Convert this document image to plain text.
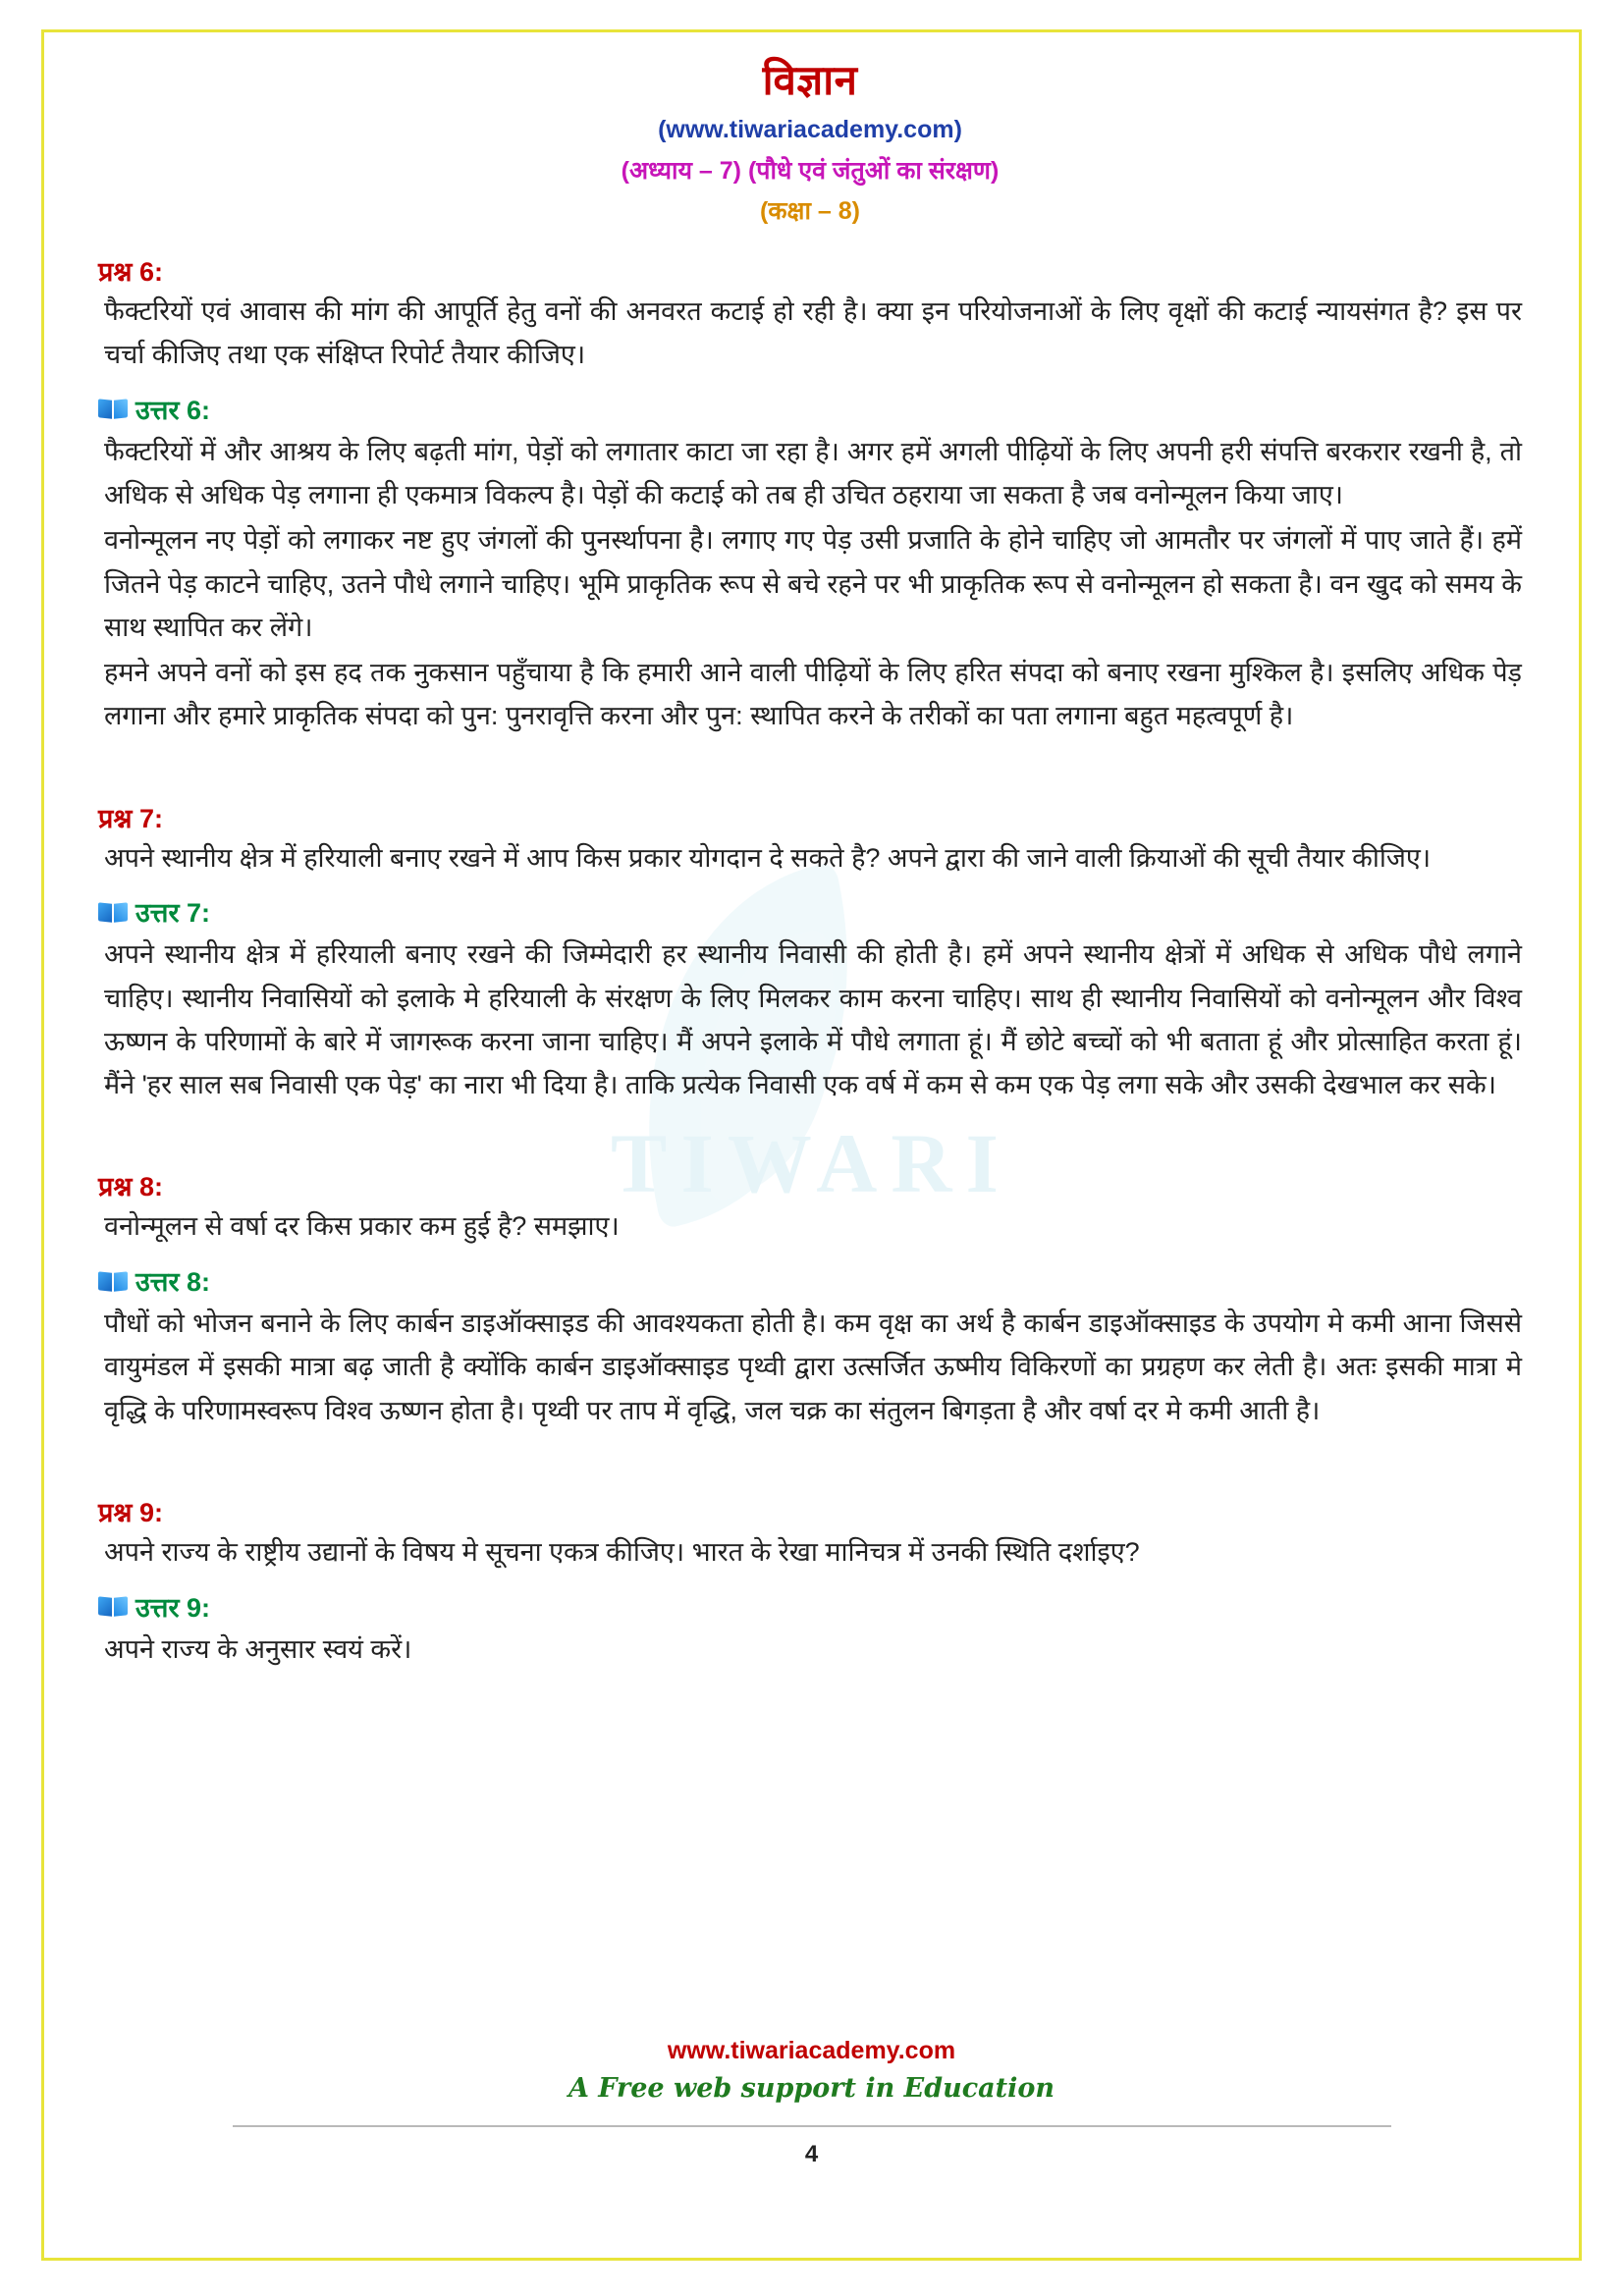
TIWARI
विज्ञान
(www.tiwariacademy.com)
(अध्याय – 7) (पौधे एवं जंतुओं का संरक्षण)
(कक्षा – 8)
प्रश्न 6:
फैक्टरियों एवं आवास की मांग की आपूर्ति हेतु वनों की अनवरत कटाई हो रही है। क्या इन परियोजनाओं के लिए वृक्षों की कटाई न्यायसंगत है? इस पर चर्चा कीजिए तथा एक संक्षिप्त रिपोर्ट तैयार कीजिए।
उत्तर 6:
फैक्टरियों में और आश्रय के लिए बढ़ती मांग, पेड़ों को लगातार काटा जा रहा है। अगर हमें अगली पीढ़ियों के लिए अपनी हरी संपत्ति बरकरार रखनी है, तो अधिक से अधिक पेड़ लगाना ही एकमात्र विकल्प है। पेड़ों की कटाई को तब ही उचित ठहराया जा सकता है जब वनोन्मूलन किया जाए।
वनोन्मूलन नए पेड़ों को लगाकर नष्ट हुए जंगलों की पुनर्स्थापना है। लगाए गए पेड़ उसी प्रजाति के होने चाहिए जो आमतौर पर जंगलों में पाए जाते हैं। हमें जितने पेड़ काटने चाहिए, उतने पौधे लगाने चाहिए। भूमि प्राकृतिक रूप से बचे रहने पर भी प्राकृतिक रूप से वनोन्मूलन हो सकता है। वन खुद को समय के साथ स्थापित कर लेंगे।
हमने अपने वनों को इस हद तक नुकसान पहुँचाया है कि हमारी आने वाली पीढ़ियों के लिए हरित संपदा को बनाए रखना मुश्किल है। इसलिए अधिक पेड़ लगाना और हमारे प्राकृतिक संपदा को पुन: पुनरावृत्ति करना और पुन: स्थापित करने के तरीकों का पता लगाना बहुत महत्वपूर्ण है।
प्रश्न 7:
अपने स्थानीय क्षेत्र में हरियाली बनाए रखने में आप किस प्रकार योगदान दे सकते है? अपने द्वारा की जाने वाली क्रियाओं की सूची तैयार कीजिए।
उत्तर 7:
अपने स्थानीय क्षेत्र में हरियाली बनाए रखने की जिम्मेदारी हर स्थानीय निवासी की होती है। हमें अपने स्थानीय क्षेत्रों में अधिक से अधिक पौधे लगाने चाहिए। स्थानीय निवासियों को इलाके मे हरियाली के संरक्षण के लिए मिलकर काम करना चाहिए। साथ ही स्थानीय निवासियों को वनोन्मूलन और विश्व ऊष्णन के परिणामों के बारे में जागरूक करना जाना चाहिए। मैं अपने इलाके में पौधे लगाता हूं। मैं छोटे बच्चों को भी बताता हूं और प्रोत्साहित करता हूं। मैंने 'हर साल सब निवासी एक पेड़' का नारा भी दिया है। ताकि प्रत्येक निवासी एक वर्ष में कम से कम एक पेड़ लगा सके और उसकी देखभाल कर सके।
प्रश्न 8:
वनोन्मूलन से वर्षा दर किस प्रकार कम हुई है? समझाए।
उत्तर 8:
पौधों को भोजन बनाने के लिए कार्बन डाइऑक्साइड की आवश्यकता होती है। कम वृक्ष का अर्थ है कार्बन डाइऑक्साइड के उपयोग मे कमी आना जिससे वायुमंडल में इसकी मात्रा बढ़ जाती है क्योंकि कार्बन डाइऑक्साइड पृथ्वी द्वारा उत्सर्जित ऊष्मीय विकिरणों का प्रग्रहण कर लेती है। अतः इसकी मात्रा मे वृद्धि के परिणामस्वरूप विश्व ऊष्णन होता है। पृथ्वी पर ताप में वृद्धि, जल चक्र का संतुलन बिगड़ता है और वर्षा दर मे कमी आती है।
प्रश्न 9:
अपने राज्य के राष्ट्रीय उद्यानों के विषय मे सूचना एकत्र कीजिए। भारत के रेखा मानिचत्र में उनकी स्थिति दर्शाइए?
उत्तर 9:
अपने राज्य के अनुसार स्वयं करें।
www.tiwariacademy.com
A Free web support in Education
4
